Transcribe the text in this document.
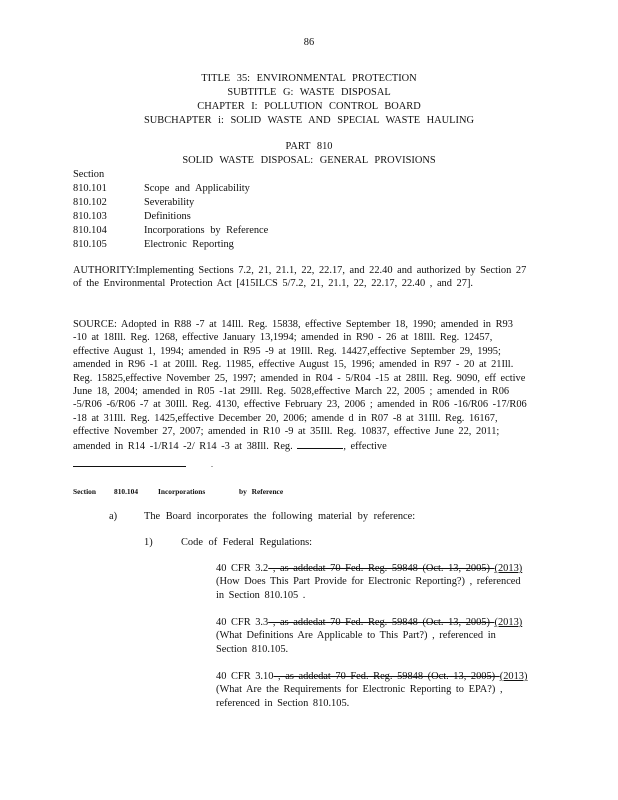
86
TITLE 35: ENVIRONMENTAL PROTECTION
SUBTITLE G: WASTE DISPOSAL
CHAPTER I: POLLUTION CONTROL BOARD
SUBCHAPTER i: SOLID WASTE AND SPECIAL WASTE HAULING
PART 810
SOLID WASTE DISPOSAL: GENERAL PROVISIONS
Section
810.101	Scope and Applicability
810.102	Severability
810.103	Definitions
810.104	Incorporations by Reference
810.105	Electronic Reporting
AUTHORITY:Implementing Sections 7.2, 21, 21.1, 22, 22.17, and 22.40 and authorized by Section 27 of the Environmental Protection Act [415ILCS 5/7.2, 21, 21.1, 22, 22.17, 22.40 , and 27].
SOURCE: Adopted in R88 -7 at 14Ill. Reg. 15838, effective September 18, 1990; amended in R93 -10 at 18Ill. Reg. 1268, effective January 13,1994; amended in R90 - 26 at 18Ill. Reg. 12457, effective August 1, 1994; amended in R95 -9 at 19Ill. Reg. 14427,effective September 29, 1995; amended in R96 -1 at 20Ill. Reg. 11985, effective August 15, 1996; amended in R97 - 20 at 21Ill. Reg. 15825,effective November 25, 1997; amended in R04 - 5/R04 -15 at 28Ill. Reg. 9090, eff ective June 18, 2004; amended in R05 -1at 29Ill. Reg. 5028,effective March 22, 2005 ; amended in R06 -5/R06 -6/R06 -7 at 30Ill. Reg. 4130, effective February 23, 2006 ; amended in R06 -16/R06 -17/R06 -18 at 31Ill. Reg. 1425,effective December 20, 2006; amende d in R07 -8 at 31Ill. Reg. 16167, effective November 27, 2007; amended in R10 -9 at 35Ill. Reg. 10837, effective June 22, 2011; amended in R14 -1/R14 -2/ R14 -3 at 38Ill. Reg.	, effective
.
Section 810.104	Incorporations	by Reference
a)	The Board incorporates the following material by reference:
1)	Code of Federal Regulations:
40 CFR 3.2 , as addedat 70 Fed. Reg. 59848 (Oct. 13, 2005) (2013) (How Does This Part Provide for Electronic Reporting?) , referenced in Section 810.105 .
40 CFR 3.3 , as addedat 70 Fed. Reg. 59848 (Oct. 13, 2005) (2013) (What Definitions Are Applicable to This Part?) , referenced in Section 810.105.
40 CFR 3.10 , as addedat 70 Fed. Reg. 59848 (Oct. 13, 2005) (2013) (What Are the Requirements for Electronic Reporting to EPA?) , referenced in Section 810.105.
